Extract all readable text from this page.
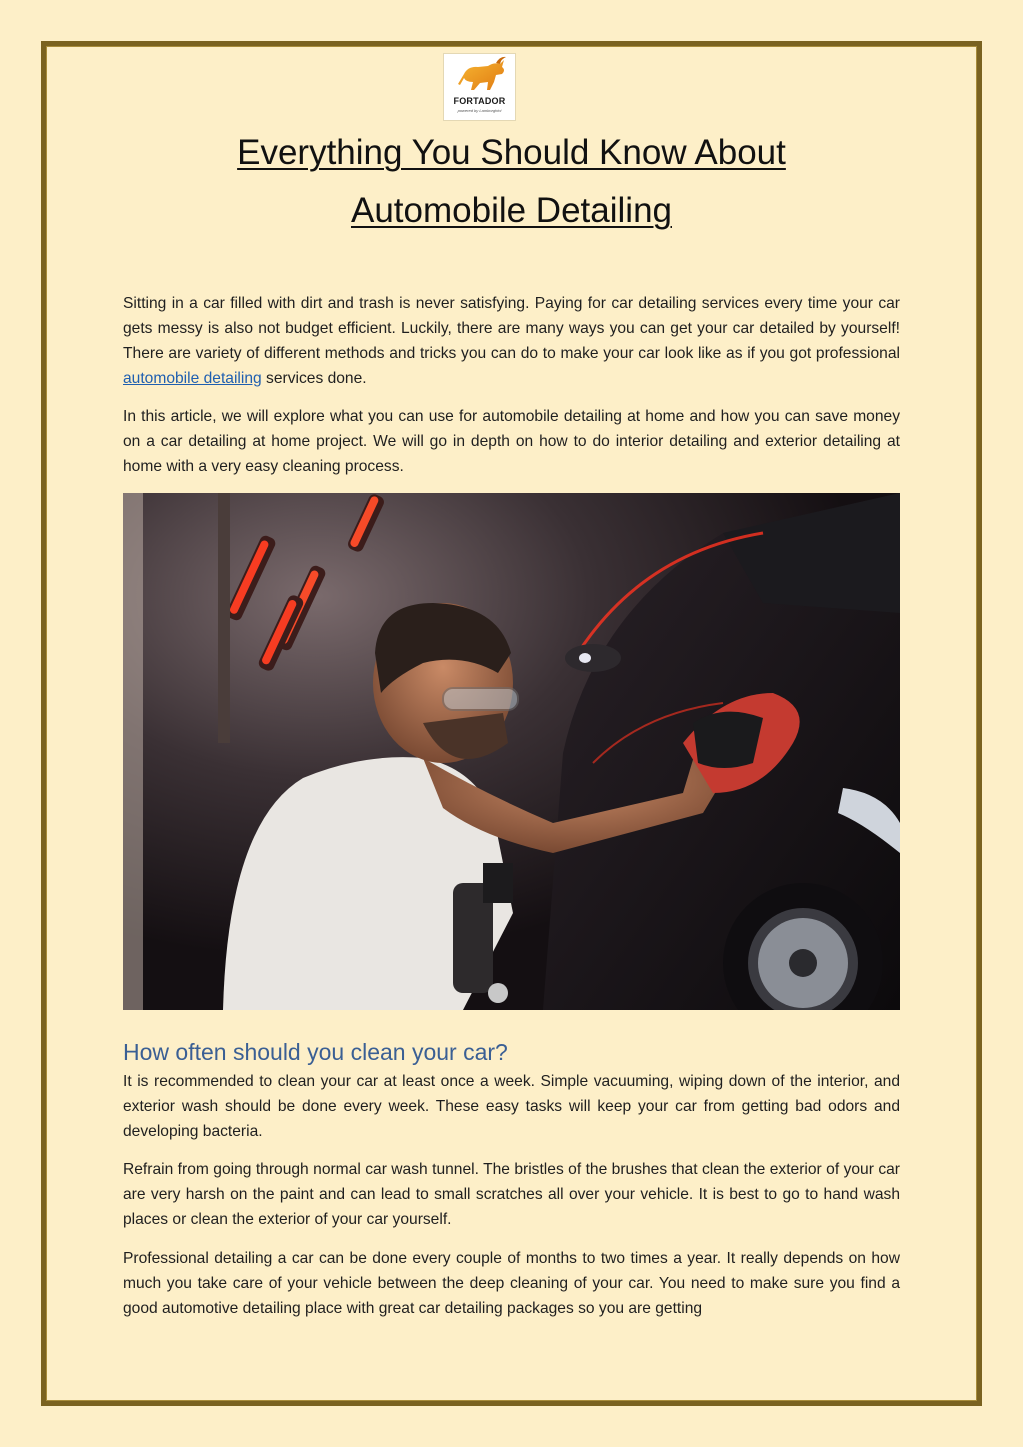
FORTADOR
powered by Lamborghini
Everything You Should Know About
Automobile Detailing

Sitting in a car filled with dirt and trash is never satisfying. Paying for car detailing services every time your car gets messy is also not budget efficient. Luckily, there are many ways you can get your car detailed by yourself! There are variety of different methods and tricks you can do to make your car look like as if you got professional automobile detailing services done.

In this article, we will explore what you can use for automobile detailing at home and how you can save money on a car detailing at home project. We will go in depth on how to do interior detailing and exterior detailing at home with a very easy cleaning process.

How often should you clean your car?

It is recommended to clean your car at least once a week. Simple vacuuming, wiping down of the interior, and exterior wash should be done every week. These easy tasks will keep your car from getting bad odors and developing bacteria.

Refrain from going through normal car wash tunnel. The bristles of the brushes that clean the exterior of your car are very harsh on the paint and can lead to small scratches all over your vehicle. It is best to go to hand wash places or clean the exterior of your car yourself.

Professional detailing a car can be done every couple of months to two times a year. It really depends on how much you take care of your vehicle between the deep cleaning of your car. You need to make sure you find a good automotive detailing place with great car detailing packages so you are getting
